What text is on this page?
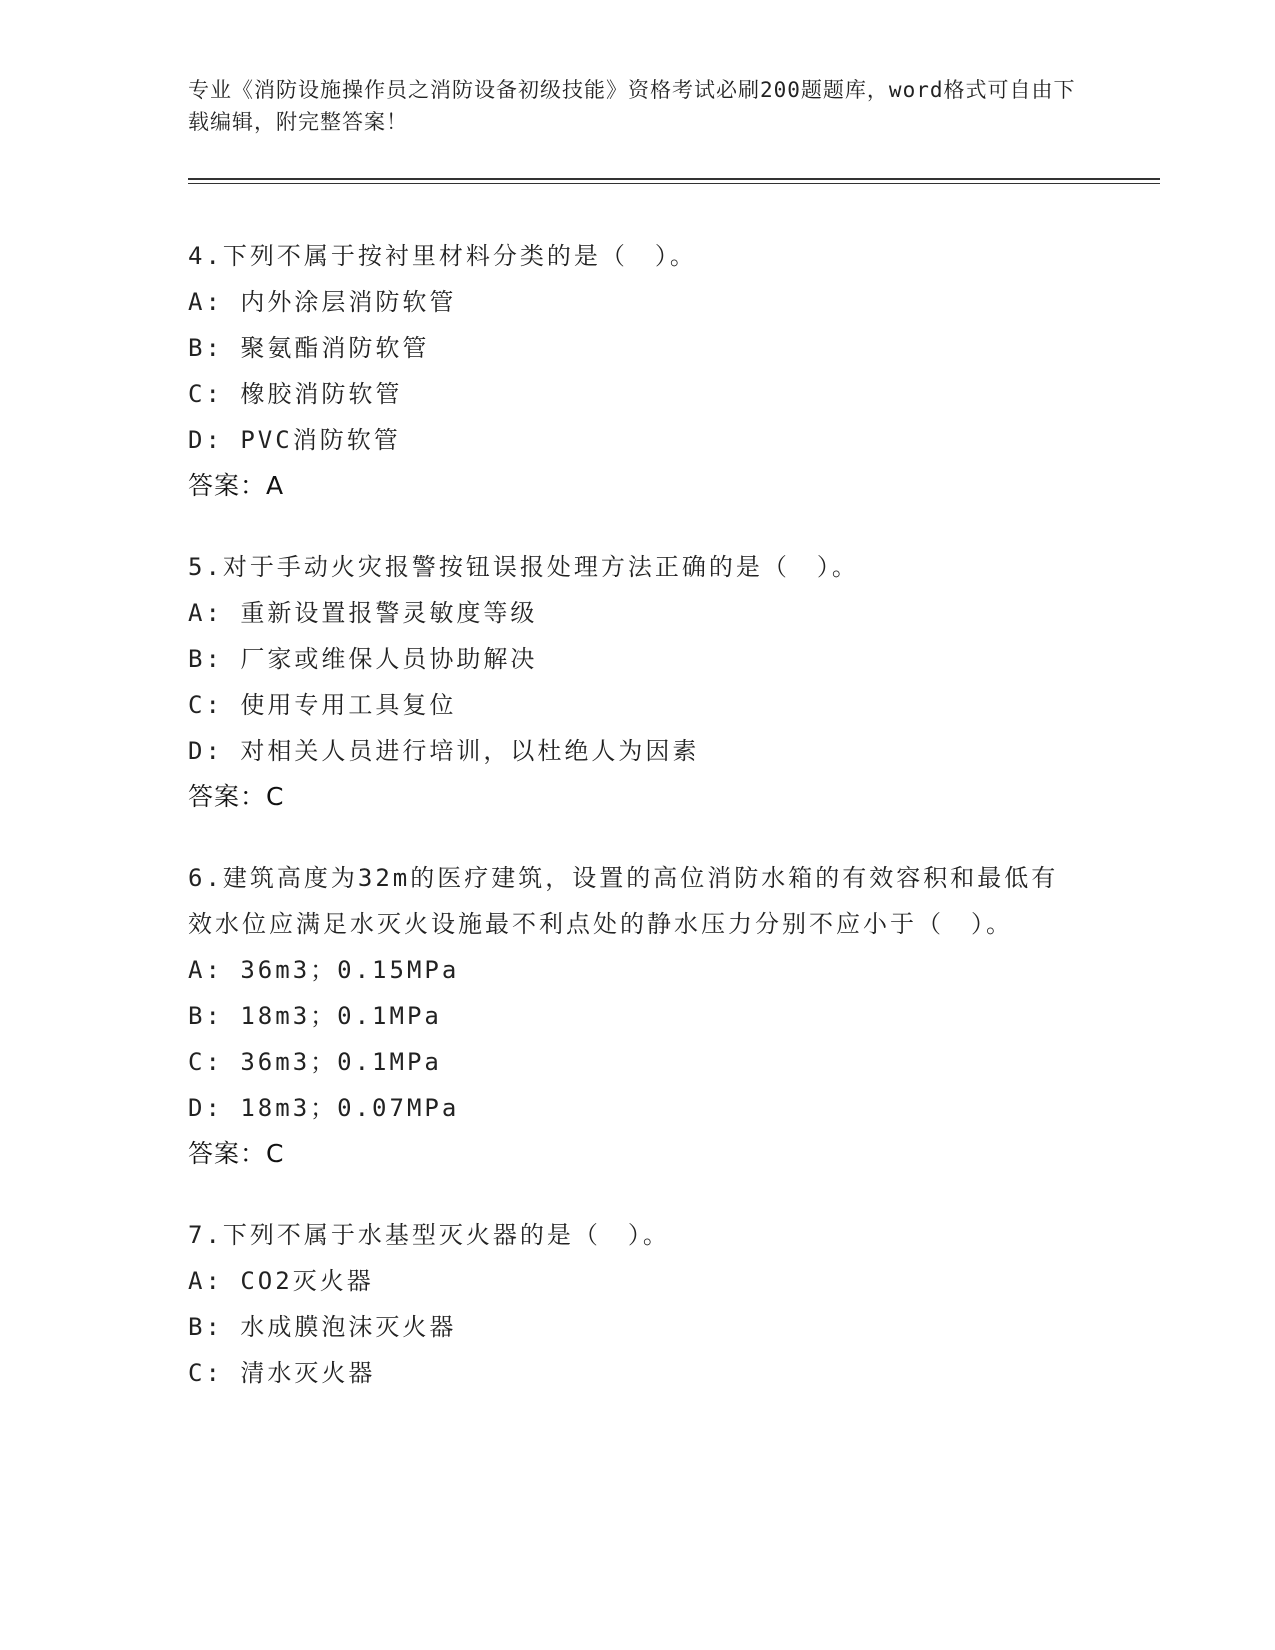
专业《消防设施操作员之消防设备初级技能》资格考试必刷200题题库，word格式可自由下载编辑，附完整答案！
4.下列不属于按衬里材料分类的是（　）。
A: 内外涂层消防软管
B: 聚氨酯消防软管
C: 橡胶消防软管
D: PVC消防软管
答案：A
5.对于手动火灾报警按钮误报处理方法正确的是（　）。
A: 重新设置报警灵敏度等级
B: 厂家或维保人员协助解决
C: 使用专用工具复位
D: 对相关人员进行培训，以杜绝人为因素
答案：C
6.建筑高度为32m的医疗建筑，设置的高位消防水箱的有效容积和最低有效水位应满足水灭火设施最不利点处的静水压力分别不应小于（　）。
A: 36m3；0.15MPa
B: 18m3；0.1MPa
C: 36m3；0.1MPa
D: 18m3；0.07MPa
答案：C
7.下列不属于水基型灭火器的是（　）。
A: CO2灭火器
B: 水成膜泡沫灭火器
C: 清水灭火器
